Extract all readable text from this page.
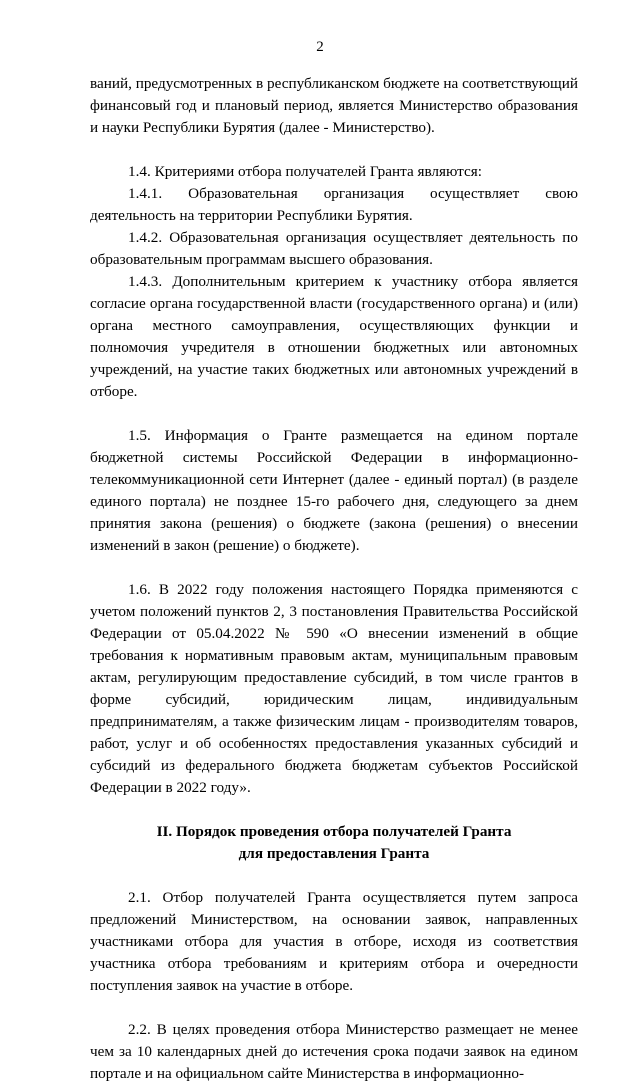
2

ваний, предусмотренных в республиканском бюджете на соответствующий финансовый год и плановый период, является Министерство образования и науки Республики Бурятия (далее - Министерство).

1.4. Критериями отбора получателей Гранта являются:

1.4.1. Образовательная организация осуществляет свою деятельность на территории Республики Бурятия.

1.4.2. Образовательная организация осуществляет деятельность по образовательным программам высшего образования.

1.4.3. Дополнительным критерием к участнику отбора является согласие органа государственной власти (государственного органа) и (или) органа местного самоуправления, осуществляющих функции и полномочия учредителя в отношении бюджетных или автономных учреждений, на участие таких бюджетных или автономных учреждений в отборе.

1.5. Информация о Гранте размещается на едином портале бюджетной системы Российской Федерации в информационно-телекоммуникационной сети Интернет (далее - единый портал) (в разделе единого портала) не позднее 15-го рабочего дня, следующего за днем принятия закона (решения) о бюджете (закона (решения) о внесении изменений в закон (решение) о бюджете).

1.6. В 2022 году положения настоящего Порядка применяются с учетом положений пунктов 2, 3 постановления Правительства Российской Федерации от 05.04.2022 № 590 «О внесении изменений в общие требования к нормативным правовым актам, муниципальным правовым актам, регулирующим предоставление субсидий, в том числе грантов в форме субсидий, юридическим лицам, индивидуальным предпринимателям, а также физическим лицам - производителям товаров, работ, услуг и об особенностях предоставления указанных субсидий и субсидий из федерального бюджета бюджетам субъектов Российской Федерации в 2022 году».

II. Порядок проведения отбора получателей Гранта

для предоставления Гранта

2.1. Отбор получателей Гранта осуществляется путем запроса предложений Министерством, на основании заявок, направленных участниками отбора для участия в отборе, исходя из соответствия участника отбора требованиям и критериям отбора и очередности поступления заявок на участие в отборе.

2.2. В целях проведения отбора Министерство размещает не менее чем за 10 календарных дней до истечения срока подачи заявок на едином портале и на официальном сайте Министерства в информационно-
